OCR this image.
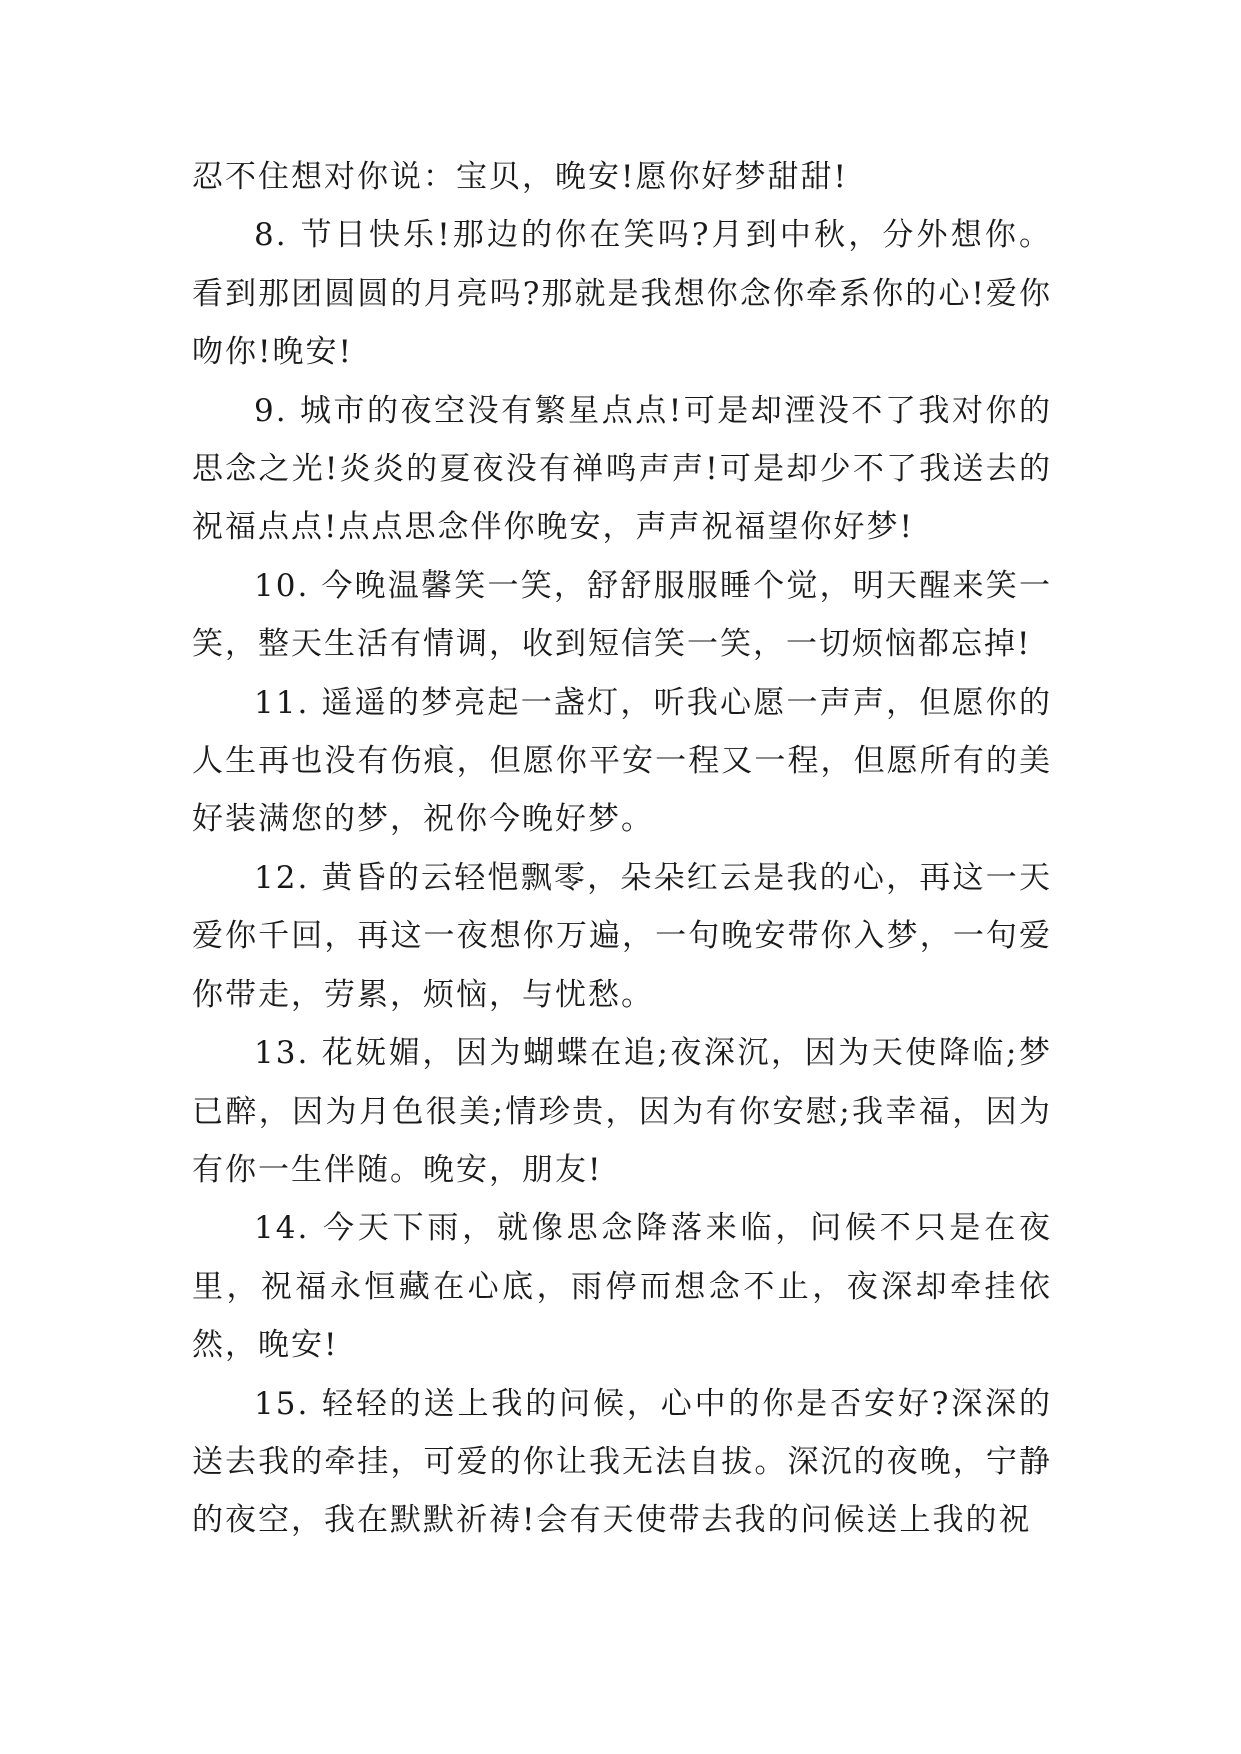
忍不住想对你说：宝贝，晚安!愿你好梦甜甜!

8. 节日快乐!那边的你在笑吗?月到中秋，分外想你。看到那团圆圆的月亮吗?那就是我想你念你牵系你的心!爱你吻你!晚安!

9. 城市的夜空没有繁星点点!可是却湮没不了我对你的思念之光!炎炎的夏夜没有禅鸣声声!可是却少不了我送去的祝福点点!点点思念伴你晚安，声声祝福望你好梦!

10. 今晚温馨笑一笑，舒舒服服睡个觉，明天醒来笑一笑，整天生活有情调，收到短信笑一笑，一切烦恼都忘掉!

11. 遥遥的梦亮起一盏灯，听我心愿一声声，但愿你的人生再也没有伤痕，但愿你平安一程又一程，但愿所有的美好装满您的梦，祝你今晚好梦。

12. 黄昏的云轻悒飘零，朵朵红云是我的心，再这一天爱你千回，再这一夜想你万遍，一句晚安带你入梦，一句爱你带走，劳累，烦恼，与忧愁。

13. 花妩媚，因为蝴蝶在追;夜深沉，因为天使降临;梦已醉，因为月色很美;情珍贵，因为有你安慰;我幸福，因为有你一生伴随。晚安，朋友!

14. 今天下雨，就像思念降落来临，问候不只是在夜里，祝福永恒藏在心底，雨停而想念不止，夜深却牵挂依然，晚安!

15. 轻轻的送上我的问候，心中的你是否安好?深深的送去我的牵挂，可爱的你让我无法自拔。深沉的夜晚，宁静的夜空，我在默默祈祷!会有天使带去我的问候送上我的祝
